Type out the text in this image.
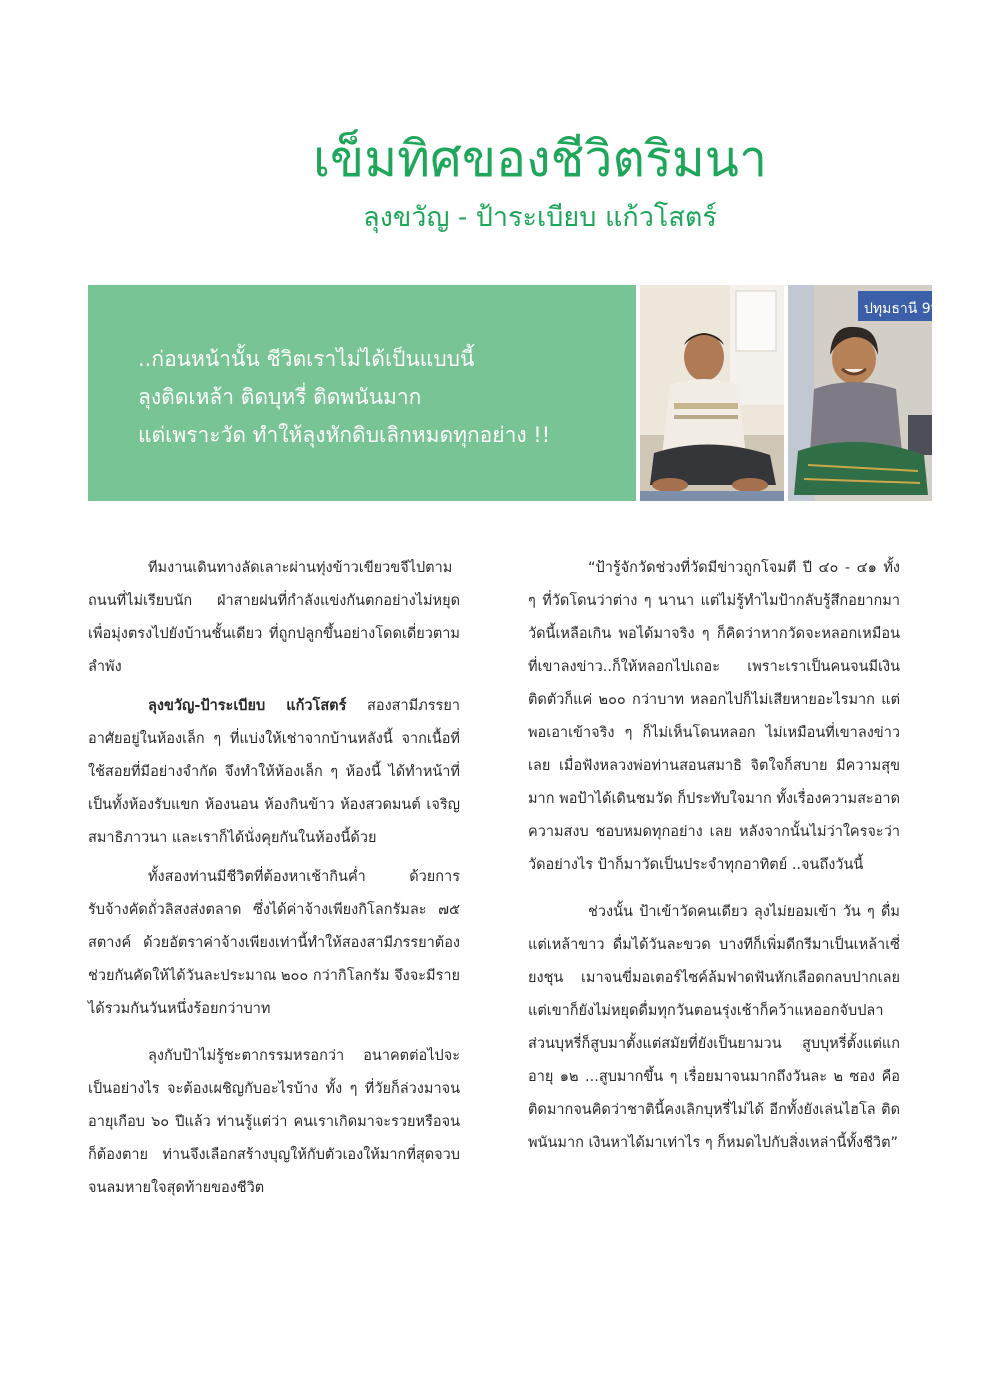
เข็มทิศของชีวิตริมนา
ลุงขวัญ - ป้าระเบียบ แก้วโสตร์
..ก่อนหน้านั้น ชีวิตเราไม่ได้เป็นแบบนี้
ลุงติดเหล้า ติดบุหรี่ ติดพนันมาก
แต่เพราะวัด ทำให้ลุงหักดิบเลิกหมดทุกอย่าง !!
ปทุมธานี 99

ทีมงานเดินทางลัดเลาะผ่านทุ่งข้าวเขียวขจีไปตามถนนที่ไม่เรียบนัก ฝ่าสายฝนที่กำลังแข่งกันตกอย่างไม่หยุด เพื่อมุ่งตรงไปยังบ้านชั้นเดียว ที่ถูกปลูกขึ้นอย่างโดดเดี่ยวตามลำพัง

ลุงขวัญ-ป้าระเบียบ แก้วโสตร์ สองสามีภรรยาอาศัยอยู่ในห้องเล็ก ๆ ที่แบ่งให้เช่าจากบ้านหลังนี้ จากเนื้อที่ใช้สอยที่มีอย่างจำกัด จึงทำให้ห้องเล็ก ๆ ห้องนี้ ได้ทำหน้าที่เป็นทั้งห้องรับแขก ห้องนอน ห้องกินข้าว ห้องสวดมนต์ เจริญสมาธิภาวนา และเราก็ได้นั่งคุยกันในห้องนี้ด้วย

ทั้งสองท่านมีชีวิตที่ต้องหาเช้ากินค่ำ ด้วยการรับจ้างคัดถั่วลิสงส่งตลาด ซึ่งได้ค่าจ้างเพียงกิโลกรัมละ ๗๕ สตางค์ ด้วยอัตราค่าจ้างเพียงเท่านี้ทำให้สองสามีภรรยาต้องช่วยกันคัดให้ได้วันละประมาณ ๒๐๐ กว่ากิโลกรัม จึงจะมีรายได้รวมกันวันหนึ่งร้อยกว่าบาท

ลุงกับป้าไม่รู้ชะตากรรมหรอกว่า อนาคตต่อไปจะเป็นอย่างไร จะต้องเผชิญกับอะไรบ้าง ทั้ง ๆ ที่วัยก็ล่วงมาจนอายุเกือบ ๖๐ ปีแล้ว ท่านรู้แต่ว่า คนเราเกิดมาจะรวยหรือจน ก็ต้องตาย ท่านจึงเลือกสร้างบุญให้กับตัวเองให้มากที่สุดจวบจนลมหายใจสุดท้ายของชีวิต

“ป้ารู้จักวัดช่วงที่วัดมีข่าวถูกโจมตี ปี ๔๐ - ๔๑ ทั้ง ๆ ที่วัดโดนว่าต่าง ๆ นานา แต่ไม่รู้ทำไมป้ากลับรู้สึกอยากมาวัดนี้เหลือเกิน พอได้มาจริง ๆ ก็คิดว่าหากวัดจะหลอกเหมือนที่เขาลงข่าว..ก็ให้หลอกไปเถอะ เพราะเราเป็นคนจนมีเงินติดตัวก็แค่ ๒๐๐ กว่าบาท หลอกไปก็ไม่เสียหายอะไรมาก แต่พอเอาเข้าจริง ๆ ก็ไม่เห็นโดนหลอก ไม่เหมือนที่เขาลงข่าว เลย เมื่อฟังหลวงพ่อท่านสอนสมาธิ จิตใจก็สบาย มีความสุขมาก พอป้าได้เดินชมวัด ก็ประทับใจมาก ทั้งเรื่องความสะอาด ความสงบ ชอบหมดทุกอย่าง เลย หลังจากนั้นไม่ว่าใครจะว่าวัดอย่างไร ป้าก็มาวัดเป็นประจำทุกอาทิตย์ ..จนถึงวันนี้

ช่วงนั้น ป้าเข้าวัดคนเดียว ลุงไม่ยอมเข้า วัน ๆ ดื่มแต่เหล้าขาว ดื่มได้วันละขวด บางทีก็เพิ่มดีกรีมาเป็นเหล้าเซี่ยงชุน เมาจนขี่มอเตอร์ไซค์ล้มฟาดฟันหักเลือดกลบปากเลย แต่เขาก็ยังไม่หยุดดื่มทุกวันตอนรุ่งเช้าก็คว้าแหออกจับปลา ส่วนบุหรี่ก็สูบมาตั้งแต่สมัยที่ยังเป็นยามวน สูบบุหรี่ตั้งแต่แก อายุ ๑๒ ...สูบมากขึ้น ๆ เรื่อยมาจนมากถึงวันละ ๒ ซอง คือ ติดมากจนคิดว่าชาตินี้คงเลิกบุหรี่ไม่ได้ อีกทั้งยังเล่นไฮโล ติดพนันมาก เงินหาได้มาเท่าไร ๆ ก็หมดไปกับสิ่งเหล่านี้ทั้งชีวิต”
